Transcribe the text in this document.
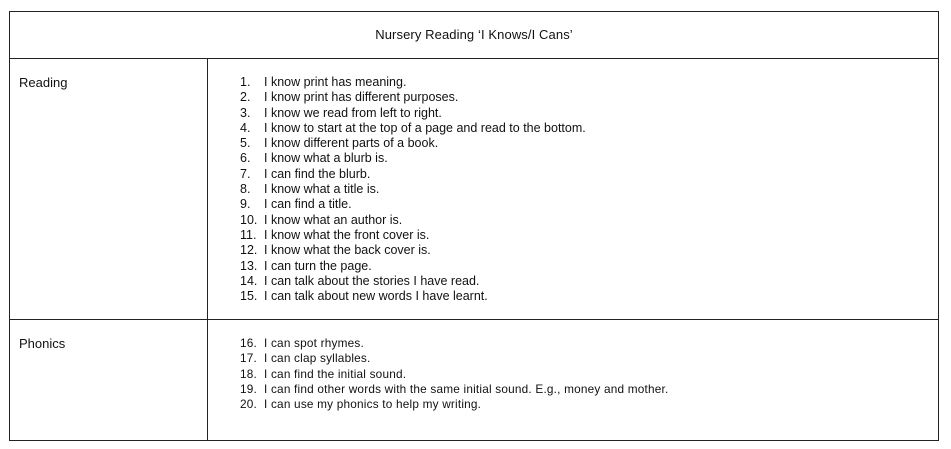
Nursery Reading ‘I Knows/I Cans’
Reading	1.	I know print has meaning.
2.	I know print has different purposes.
3.	I know we read from left to right.
4.	I know to start at the top of a page and read to the bottom.
5.	I know different parts of a book.
6.	I know what a blurb is.
7.	I can find the blurb.
8.	I know what a title is.
9.	I can find a title.
10. I know what an author is.
11. I know what the front cover is.
12. I know what the back cover is.
13. I can turn the page.
14. I can talk about the stories I have read.
15. I can talk about new words I have learnt.
Phonics	16. I can spot rhymes.
17. I can clap syllables.
18. I can find the initial sound.
19. I can find other words with the same initial sound. E.g., money and mother.
20. I can use my phonics to help my writing.
